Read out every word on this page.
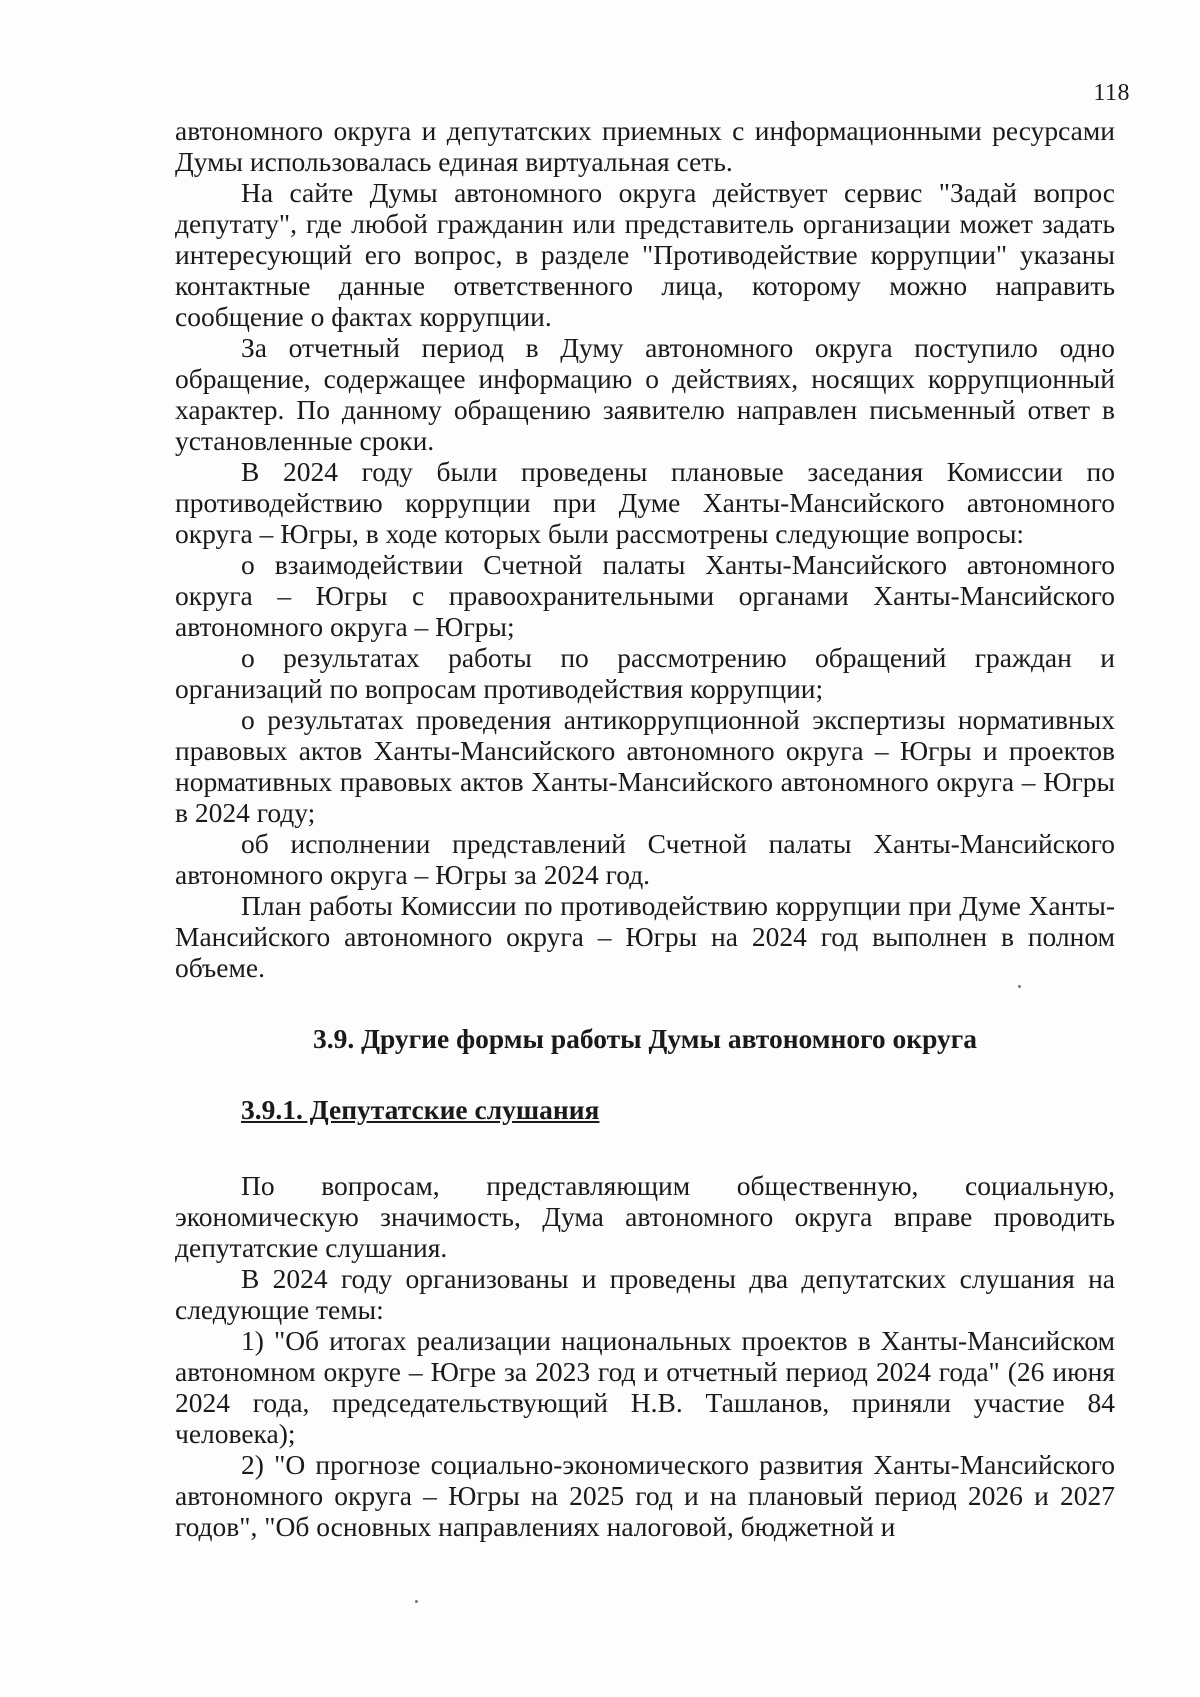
118

автономного округа и депутатских приемных с информационными ресурсами Думы использовалась единая виртуальная сеть.

На сайте Думы автономного округа действует сервис "Задай вопрос депутату", где любой гражданин или представитель организации может задать интересующий его вопрос, в разделе "Противодействие коррупции" указаны контактные данные ответственного лица, которому можно направить сообщение о фактах коррупции.

За отчетный период в Думу автономного округа поступило одно обращение, содержащее информацию о действиях, носящих коррупционный характер. По данному обращению заявителю направлен письменный ответ в установленные сроки.

В 2024 году были проведены плановые заседания Комиссии по противодействию коррупции при Думе Ханты-Мансийского автономного округа – Югры, в ходе которых были рассмотрены следующие вопросы:

о взаимодействии Счетной палаты Ханты-Мансийского автономного округа – Югры с правоохранительными органами Ханты-Мансийского автономного округа – Югры;

о результатах работы по рассмотрению обращений граждан и организаций по вопросам противодействия коррупции;

о результатах проведения антикоррупционной экспертизы нормативных правовых актов Ханты-Мансийского автономного округа – Югры и проектов нормативных правовых актов Ханты-Мансийского автономного округа – Югры в 2024 году;

об исполнении представлений Счетной палаты Ханты-Мансийского автономного округа – Югры за 2024 год.

План работы Комиссии по противодействию коррупции при Думе Ханты-Мансийского автономного округа – Югры на 2024 год выполнен в полном объеме.

3.9. Другие формы работы Думы автономного округа
3.9.1. Депутатские слушания

По вопросам, представляющим общественную, социальную, экономическую значимость, Дума автономного округа вправе проводить депутатские слушания.

В 2024 году организованы и проведены два депутатских слушания на следующие темы:

1) "Об итогах реализации национальных проектов в Ханты-Мансийском автономном округе – Югре за 2023 год и отчетный период 2024 года" (26 июня 2024 года, председательствующий Н.В. Ташланов, приняли участие 84 человека);

2) "О прогнозе социально-экономического развития Ханты-Мансийского автономного округа – Югры на 2025 год и на плановый период 2026 и 2027 годов", "Об основных направлениях налоговой, бюджетной и
